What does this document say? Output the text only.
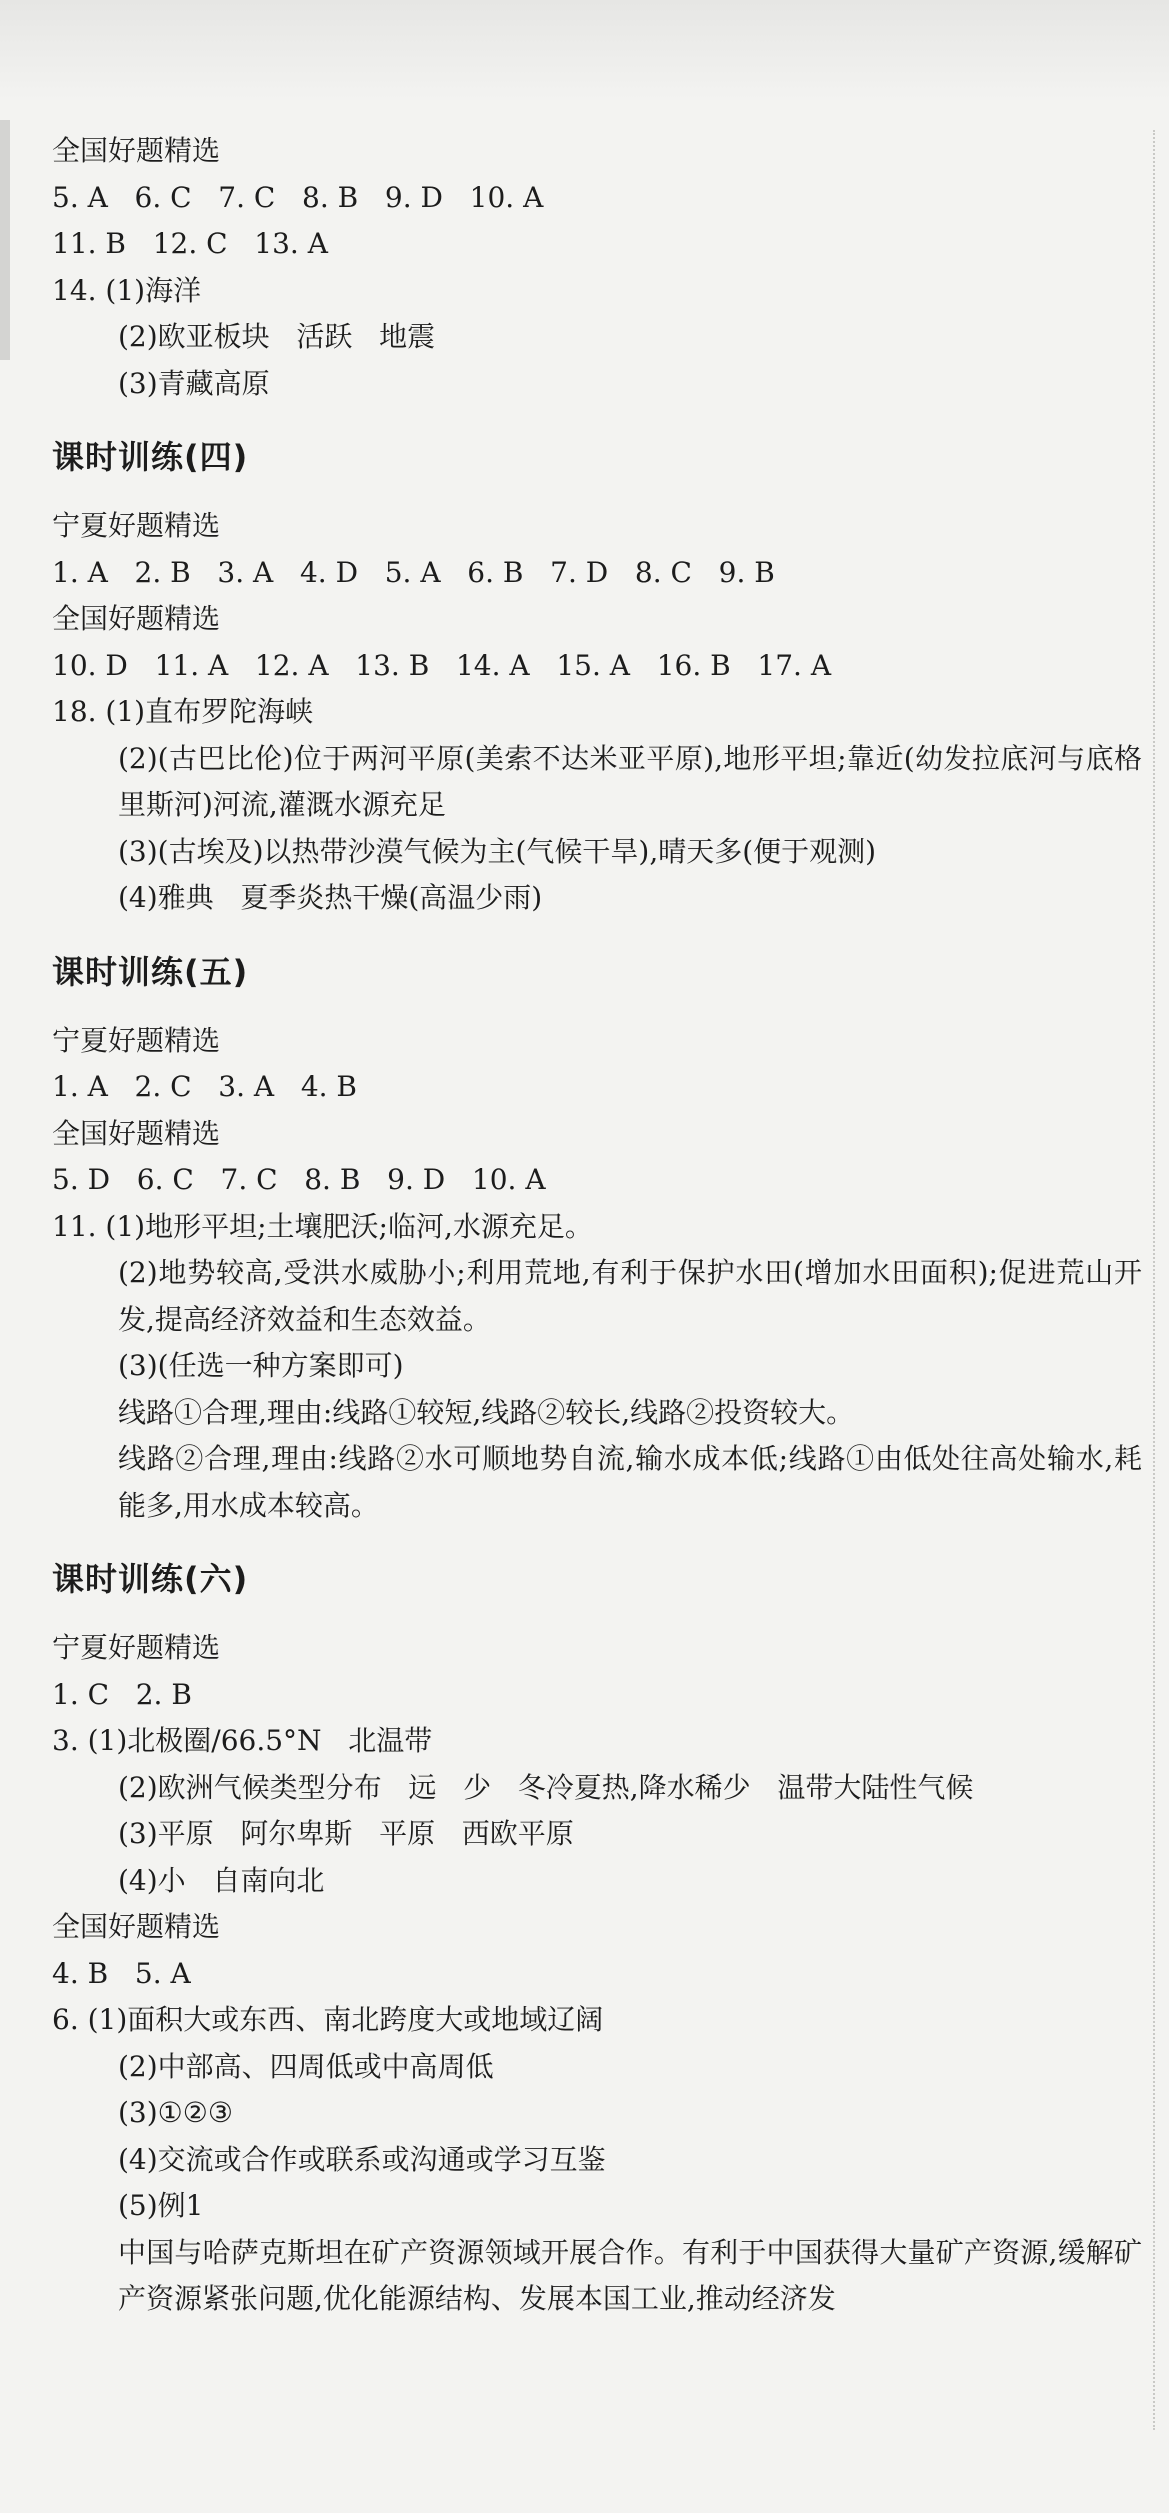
全国好题精选
5. A   6. C   7. C   8. B   9. D   10. A
11. B   12. C   13. A
14. (1)海洋
(2)欧亚板块   活跃   地震
(3)青藏高原
课时训练(四)
宁夏好题精选
1. A   2. B   3. A   4. D   5. A   6. B   7. D   8. C   9. B
全国好题精选
10. D   11. A   12. A   13. B   14. A   15. A   16. B   17. A
18. (1)直布罗陀海峡
(2)(古巴比伦)位于两河平原(美索不达米亚平原),地形平坦;靠近(幼发拉底河与底格里斯河)河流,灌溉水源充足
(3)(古埃及)以热带沙漠气候为主(气候干旱),晴天多(便于观测)
(4)雅典   夏季炎热干燥(高温少雨)
课时训练(五)
宁夏好题精选
1. A   2. C   3. A   4. B
全国好题精选
5. D   6. C   7. C   8. B   9. D   10. A
11. (1)地形平坦;土壤肥沃;临河,水源充足。
(2)地势较高,受洪水威胁小;利用荒地,有利于保护水田(增加水田面积);促进荒山开发,提高经济效益和生态效益。
(3)(任选一种方案即可)
线路①合理,理由:线路①较短,线路②较长,线路②投资较大。
线路②合理,理由:线路②水可顺地势自流,输水成本低;线路①由低处往高处输水,耗能多,用水成本较高。
课时训练(六)
宁夏好题精选
1. C   2. B
3. (1)北极圈/66.5°N   北温带
(2)欧洲气候类型分布   远   少   冬冷夏热,降水稀少   温带大陆性气候
(3)平原   阿尔卑斯   平原   西欧平原
(4)小   自南向北
全国好题精选
4. B   5. A
6. (1)面积大或东西、南北跨度大或地域辽阔
(2)中部高、四周低或中高周低
(3)①②③
(4)交流或合作或联系或沟通或学习互鉴
(5)例1
中国与哈萨克斯坦在矿产资源领域开展合作。有利于中国获得大量矿产资源,缓解矿产资源紧张问题,优化能源结构、发展本国工业,推动经济发
